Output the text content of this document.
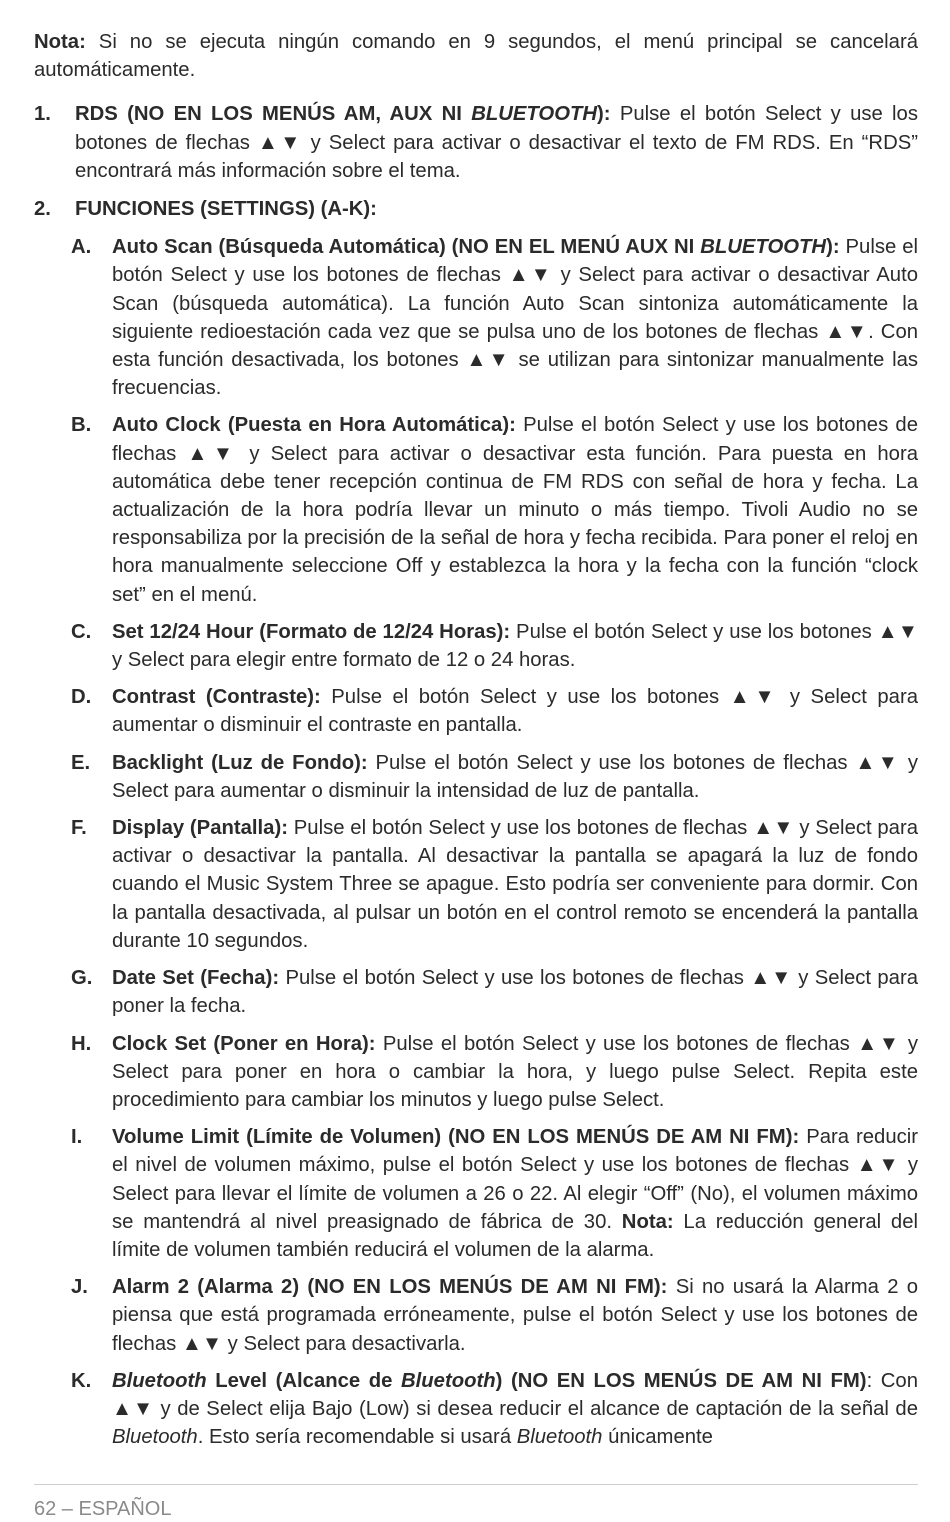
Nota: Si no se ejecuta ningún comando en 9 segundos, el menú principal se cancelará automáticamente.

1. RDS (NO EN LOS MENÚS AM, AUX NI BLUETOOTH): Pulse el botón Select y use los botones de flechas ▲▼ y Select para activar o desactivar el texto de FM RDS. En “RDS” encontrará más información sobre el tema.

2. FUNCIONES (SETTINGS) (A-K):

A. Auto Scan (Búsqueda Automática) (NO EN EL MENÚ AUX NI BLUETOOTH): Pulse el botón Select y use los botones de flechas ▲▼ y Select para activar o desactivar Auto Scan (búsqueda automática). La función Auto Scan sintoniza automáticamente la siguiente redioestación cada vez que se pulsa uno de los botones de flechas ▲▼. Con esta función desactivada, los botones ▲▼ se utilizan para sintonizar manualmente las frecuencias.

B. Auto Clock (Puesta en Hora Automática): Pulse el botón Select y use los botones de flechas ▲▼ y Select para activar o desactivar esta función. Para puesta en hora automática debe tener recepción continua de FM RDS con señal de hora y fecha. La actualización de la hora podría llevar un minuto o más tiempo. Tivoli Audio no se responsabiliza por la precisión de la señal de hora y fecha recibida. Para poner el reloj en hora manualmente seleccione Off y establezca la hora y la fecha con la función “clock set” en el menú.

C. Set 12/24 Hour (Formato de 12/24 Horas): Pulse el botón Select y use los botones ▲▼ y Select para elegir entre formato de 12 o 24 horas.

D. Contrast (Contraste): Pulse el botón Select y use los botones ▲▼ y Select para aumentar o disminuir el contraste en pantalla.

E. Backlight (Luz de Fondo): Pulse el botón Select y use los botones de flechas ▲▼ y Select para aumentar o disminuir la intensidad de luz de pantalla.

F. Display (Pantalla): Pulse el botón Select y use los botones de flechas ▲▼ y Select para activar o desactivar la pantalla. Al desactivar la pantalla se apagará la luz de fondo cuando el Music System Three se apague. Esto podría ser conveniente para dormir. Con la pantalla desactivada, al pulsar un botón en el control remoto se encenderá la pantalla durante 10 segundos.

G. Date Set (Fecha): Pulse el botón Select y use los botones de flechas ▲▼ y Select para poner la fecha.

H. Clock Set (Poner en Hora): Pulse el botón Select y use los botones de flechas ▲▼ y Select para poner en hora o cambiar la hora, y luego pulse Select. Repita este procedimiento para cambiar los minutos y luego pulse Select.

I. Volume Limit (Límite de Volumen) (NO EN LOS MENÚS DE AM NI FM): Para reducir el nivel de volumen máximo, pulse el botón Select y use los botones de flechas ▲▼ y Select para llevar el límite de volumen a 26 o 22. Al elegir “Off” (No), el volumen máximo se mantendrá al nivel preasignado de fábrica de 30. Nota: La reducción general del límite de volumen también reducirá el volumen de la alarma.

J. Alarm 2 (Alarma 2) (NO EN LOS MENÚS DE AM NI FM): Si no usará la Alarma 2 o piensa que está programada erróneamente, pulse el botón Select y use los botones de flechas ▲▼ y Select para desactivarla.

K. Bluetooth Level (Alcance de Bluetooth) (NO EN LOS MENÚS DE AM NI FM): Con ▲▼ y de Select elija Bajo (Low) si desea reducir el alcance de captación de la señal de Bluetooth. Esto sería recomendable si usará Bluetooth únicamente

62 – ESPAÑOL
